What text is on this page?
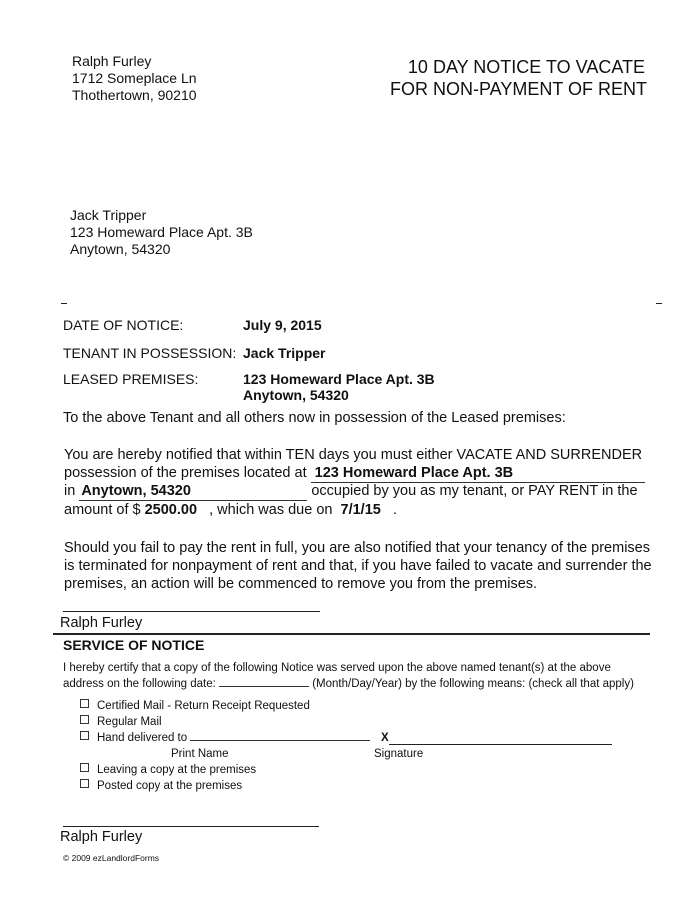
Ralph Furley
1712 Someplace Ln
Thothertown, 90210
10 DAY NOTICE TO VACATE
FOR NON-PAYMENT OF RENT
Jack Tripper
123 Homeward Place Apt. 3B
Anytown, 54320
DATE OF NOTICE:	July 9, 2015
TENANT IN POSSESSION: Jack Tripper
LEASED PREMISES:	123 Homeward Place Apt. 3B
Anytown, 54320
To the above Tenant and all others now in possession of the Leased premises:
You are hereby notified that within TEN days you must either VACATE AND SURRENDER
possession of the premises located at 123 Homeward Place Apt. 3B
in Anytown, 54320	occupied by you as my tenant, or PAY RENT in the
amount of $ 2500.00 , which was due on 7/1/15 .
Should you fail to pay the rent in full, you are also notified that your tenancy of the premises
is terminated for nonpayment of rent and that, if you have failed to vacate and surrender the
premises, an action will be commenced to remove you from the premises.
Ralph Furley
SERVICE OF NOTICE
I hereby certify that a copy of the following Notice was served upon the above named tenant(s) at the above
address on the following date:	(Month/Day/Year) by the following means: (check all that apply)
Certified Mail - Return Receipt Requested
Regular Mail
Hand delivered to	X
Print Name	Signature
Leaving a copy at the premises
Posted copy at the premises
Ralph Furley
© 2009 ezLandlordForms
